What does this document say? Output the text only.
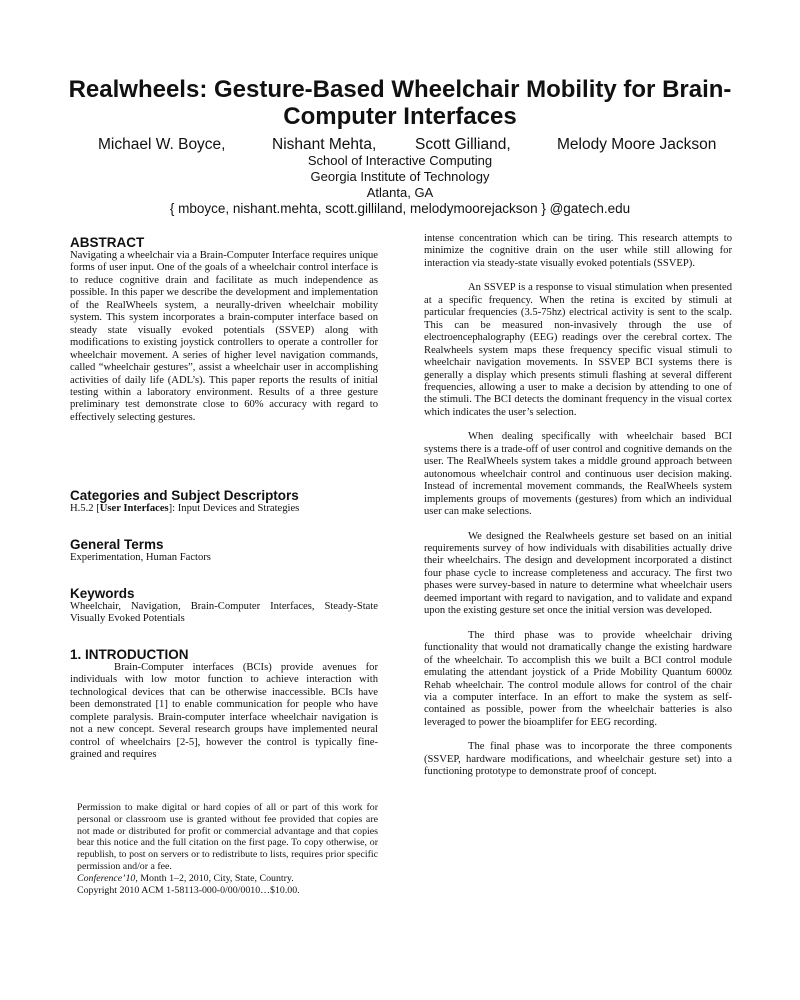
Realwheels: Gesture-Based Wheelchair Mobility for Brain-Computer Interfaces
Michael W. Boyce,	Nishant Mehta,	Scott Gilliand,	Melody Moore Jackson
School of Interactive Computing
Georgia Institute of Technology
Atlanta, GA
{ mboyce, nishant.mehta, scott.gilliland, melodymoorejackson } @gatech.edu
ABSTRACT

Navigating a wheelchair via a Brain-Computer Interface requires unique forms of user input. One of the goals of a wheelchair control interface is to reduce cognitive drain and facilitate as much independence as possible. In this paper we describe the development and implementation of the RealWheels system, a neurally-driven wheelchair mobility system. This system incorporates a brain-computer interface based on steady state visually evoked potentials (SSVEP) along with modifications to existing joystick controllers to operate a controller for wheelchair movement. A series of higher level navigation commands, called “wheelchair gestures”, assist a wheelchair user in accomplishing activities of daily life (ADL’s). This paper reports the results of initial testing within a laboratory environment. Results of a three gesture preliminary test demonstrate close to 60% accuracy with regard to effectively selecting gestures.

Categories and Subject Descriptors

H.5.2 [User Interfaces]: Input Devices and Strategies

General Terms

Experimentation, Human Factors

Keywords

Wheelchair, Navigation, Brain-Computer Interfaces, Steady-State Visually Evoked Potentials

1. INTRODUCTION

Brain-Computer interfaces (BCIs) provide avenues for individuals with low motor function to achieve interaction with technological devices that can be otherwise inaccessible. BCIs have been demonstrated [1] to enable communication for people who have complete paralysis. Brain-computer interface wheelchair navigation is not a new concept. Several research groups have implemented neural control of wheelchairs [2-5], however the control is typically fine-grained and requires

Permission to make digital or hard copies of all or part of this work for personal or classroom use is granted without fee provided that copies are not made or distributed for profit or commercial advantage and that copies bear this notice and the full citation on the first page. To copy otherwise, or republish, to post on servers or to redistribute to lists, requires prior specific permission and/or a fee.

Conference’10, Month 1–2, 2010, City, State, Country.

Copyright 2010 ACM 1-58113-000-0/00/0010…$10.00.

intense concentration which can be tiring. This research attempts to minimize the cognitive drain on the user while still allowing for interaction via steady-state visually evoked potentials (SSVEP).

An SSVEP is a response to visual stimulation when presented at a specific frequency. When the retina is excited by stimuli at particular frequencies (3.5-75hz) electrical activity is sent to the scalp. This can be measured non-invasively through the use of electroencephalography (EEG) readings over the cerebral cortex. The Realwheels system maps these frequency specific visual stimuli to wheelchair navigation movements. In SSVEP BCI systems there is generally a display which presents stimuli flashing at several different frequencies, allowing a user to make a decision by attending to one of the stimuli. The BCI detects the dominant frequency in the visual cortex which indicates the user’s selection.

When dealing specifically with wheelchair based BCI systems there is a trade-off of user control and cognitive demands on the user. The RealWheels system takes a middle ground approach between autonomous wheelchair control and continuous user decision making. Instead of incremental movement commands, the RealWheels system implements groups of movements (gestures) from which an individual user can make selections.

We designed the Realwheels gesture set based on an initial requirements survey of how individuals with disabilities actually drive their wheelchairs. The design and development incorporated a distinct four phase cycle to increase completeness and accuracy. The first two phases were survey-based in nature to determine what wheelchair users deemed important with regard to navigation, and to validate and expand upon the existing gesture set once the initial version was developed.

The third phase was to provide wheelchair driving functionality that would not dramatically change the existing hardware of the wheelchair. To accomplish this we built a BCI control module emulating the attendant joystick of a Pride Mobility Quantum 6000z Rehab wheelchair. The control module allows for control of the chair via a computer interface. In an effort to make the system as self-contained as possible, power from the wheelchair batteries is also leveraged to power the bioamplifer for EEG recording.

The final phase was to incorporate the three components (SSVEP, hardware modifications, and wheelchair gesture set) into a functioning prototype to demonstrate proof of concept.
